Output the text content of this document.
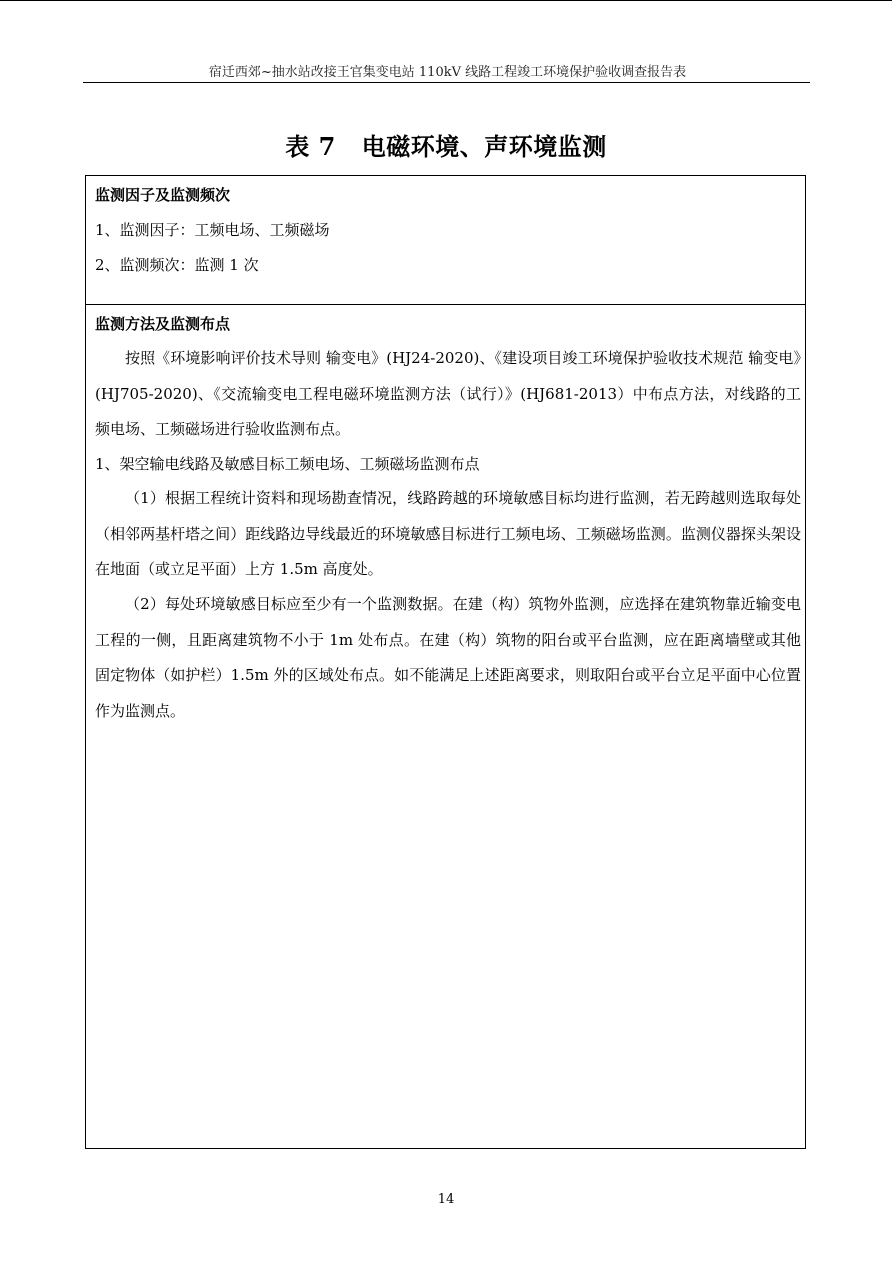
宿迁西郊~抽水站改接王官集变电站 110kV 线路工程竣工环境保护验收调查报告表
表 7 电磁环境、声环境监测
监测因子及监测频次
1、监测因子：工频电场、工频磁场
2、监测频次：监测 1 次
监测方法及监测布点
按照《环境影响评价技术导则 输变电》(HJ24-2020)、《建设项目竣工环境保护验收技术规范 输变电》(HJ705-2020)、《交流输变电工程电磁环境监测方法（试行）》(HJ681-2013）中布点方法，对线路的工频电场、工频磁场进行验收监测布点。
1、架空输电线路及敏感目标工频电场、工频磁场监测布点
（1）根据工程统计资料和现场勘查情况，线路跨越的环境敏感目标均进行监测，若无跨越则选取每处（相邻两基杆塔之间）距线路边导线最近的环境敏感目标进行工频电场、工频磁场监测。监测仪器探头架设在地面（或立足平面）上方 1.5m 高度处。
（2）每处环境敏感目标应至少有一个监测数据。在建（构）筑物外监测，应选择在建筑物靠近输变电工程的一侧，且距离建筑物不小于 1m 处布点。在建（构）筑物的阳台或平台监测，应在距离墙壁或其他固定物体（如护栏）1.5m 外的区域处布点。如不能满足上述距离要求，则取阳台或平台立足平面中心位置作为监测点。
14
